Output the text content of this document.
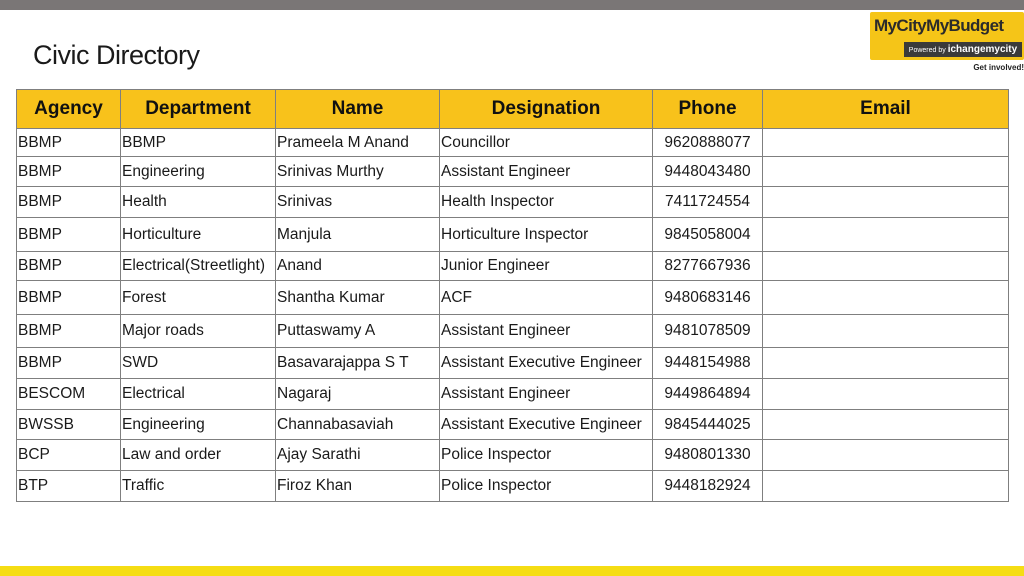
Civic Directory
MyCityMyBudget
Powered by ichangemycity
Get involved!
Agency	Department	Name	Designation	Phone	Email
BBMP	BBMP	Prameela M Anand	Councillor	9620888077	
BBMP	Engineering	Srinivas Murthy	Assistant Engineer	9448043480	
BBMP	Health	Srinivas	Health Inspector	7411724554	
BBMP	Horticulture	Manjula	Horticulture Inspector	9845058004	
BBMP	Electrical(Streetlight)	Anand	Junior Engineer	8277667936	
BBMP	Forest	Shantha Kumar	ACF	9480683146	
BBMP	Major roads	Puttaswamy A	Assistant Engineer	9481078509	
BBMP	SWD	Basavarajappa S T	Assistant Executive Engineer	9448154988	
BESCOM	Electrical	Nagaraj	Assistant Engineer	9449864894	
BWSSB	Engineering	Channabasaviah	Assistant Executive Engineer	9845444025	
BCP	Law and order	Ajay Sarathi	Police Inspector	9480801330	
BTP	Traffic	Firoz Khan	Police Inspector	9448182924	
